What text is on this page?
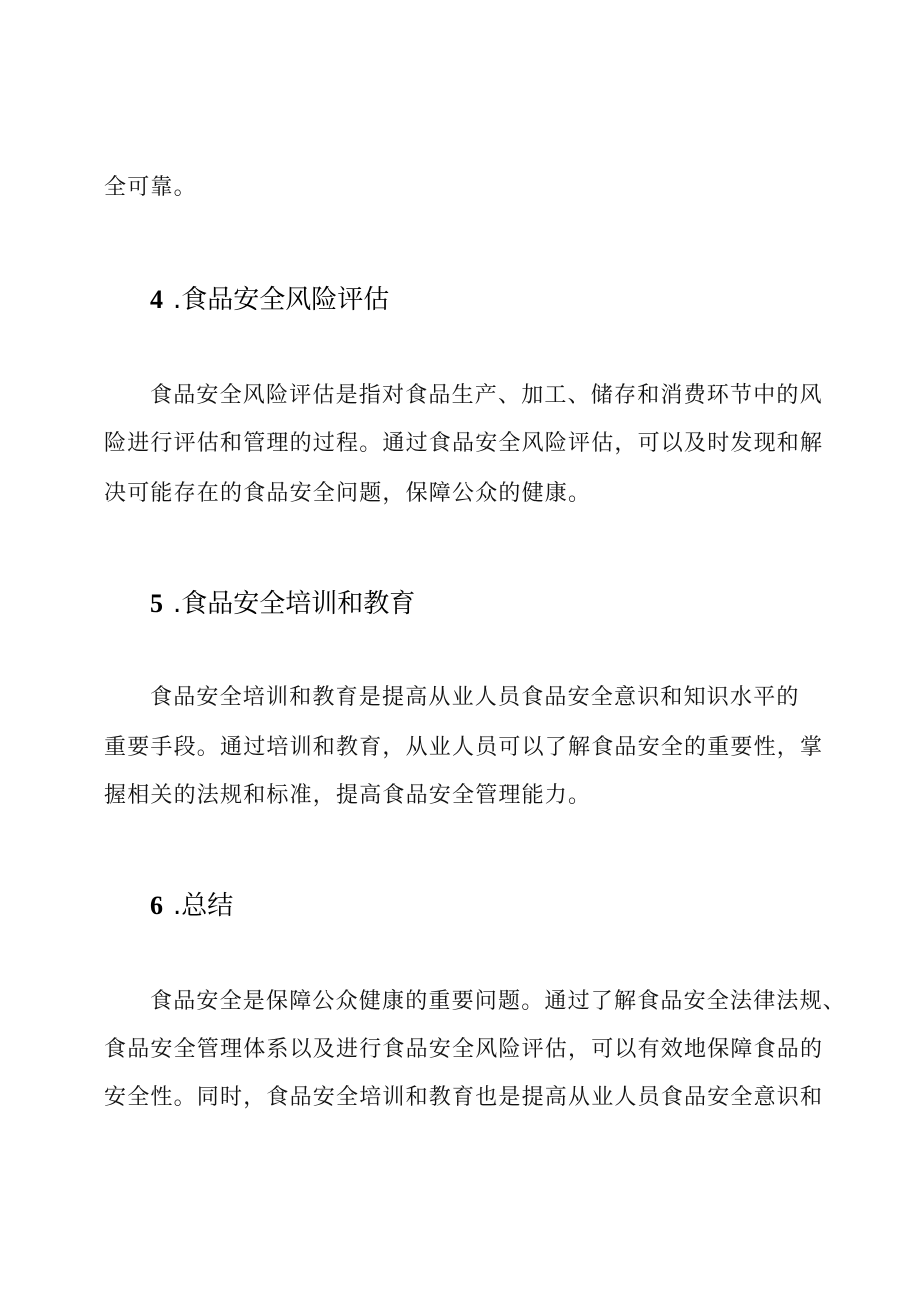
全可靠。
4 .食品安全风险评估
食品安全风险评估是指对食品生产、加工、储存和消费环节中的风
险进行评估和管理的过程。通过食品安全风险评估，可以及时发现和解
决可能存在的食品安全问题，保障公众的健康。
5 .食品安全培训和教育
食品安全培训和教育是提高从业人员食品安全意识和知识水平的
重要手段。通过培训和教育，从业人员可以了解食品安全的重要性，掌
握相关的法规和标准，提高食品安全管理能力。
6 .总结
食品安全是保障公众健康的重要问题。通过了解食品安全法律法规、
食品安全管理体系以及进行食品安全风险评估，可以有效地保障食品的
安全性。同时，食品安全培训和教育也是提高从业人员食品安全意识和
